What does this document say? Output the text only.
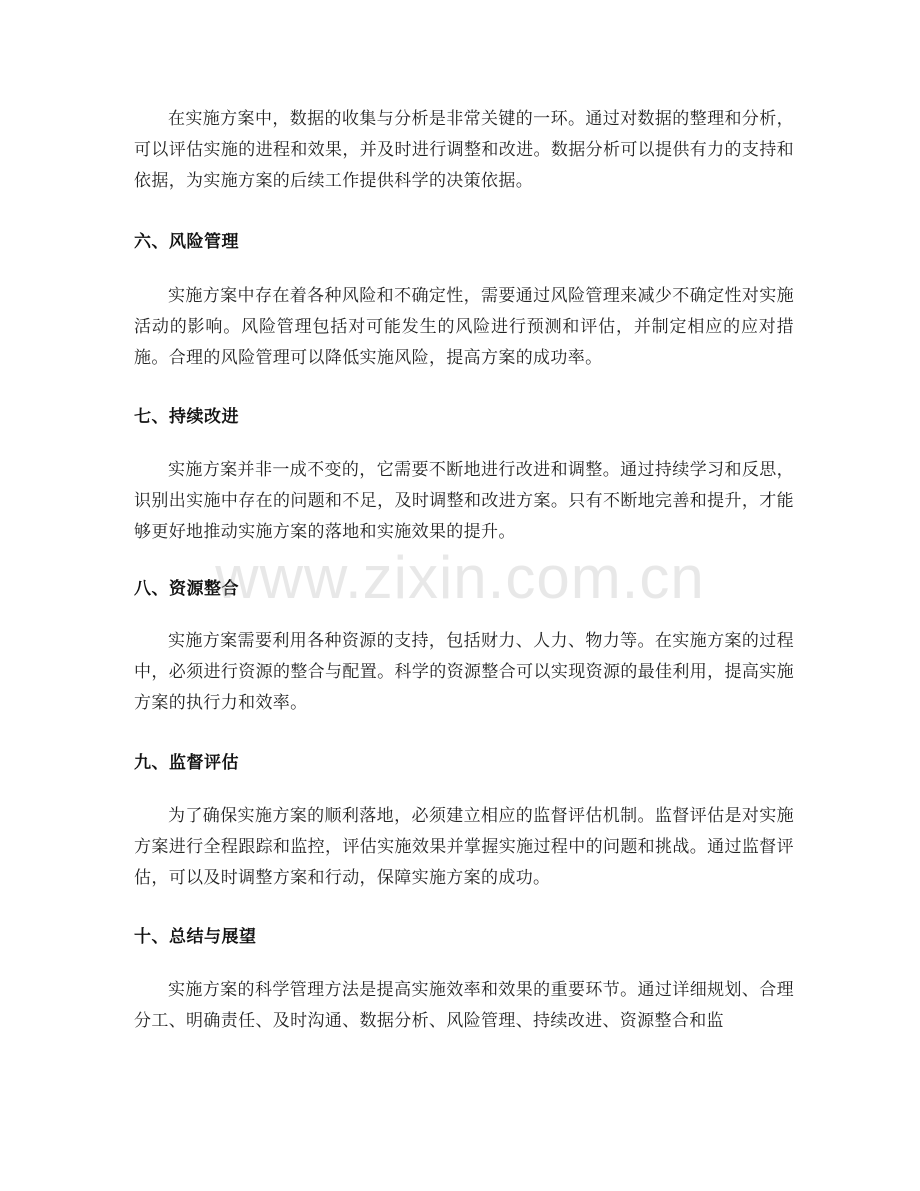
在实施方案中，数据的收集与分析是非常关键的一环。通过对数据的整理和分析，可以评估实施的进程和效果，并及时进行调整和改进。数据分析可以提供有力的支持和依据，为实施方案的后续工作提供科学的决策依据。

六、风险管理

实施方案中存在着各种风险和不确定性，需要通过风险管理来减少不确定性对实施活动的影响。风险管理包括对可能发生的风险进行预测和评估，并制定相应的应对措施。合理的风险管理可以降低实施风险，提高方案的成功率。

七、持续改进

实施方案并非一成不变的，它需要不断地进行改进和调整。通过持续学习和反思，识别出实施中存在的问题和不足，及时调整和改进方案。只有不断地完善和提升，才能够更好地推动实施方案的落地和实施效果的提升。

八、资源整合

实施方案需要利用各种资源的支持，包括财力、人力、物力等。在实施方案的过程中，必须进行资源的整合与配置。科学的资源整合可以实现资源的最佳利用，提高实施方案的执行力和效率。

九、监督评估

为了确保实施方案的顺利落地，必须建立相应的监督评估机制。监督评估是对实施方案进行全程跟踪和监控，评估实施效果并掌握实施过程中的问题和挑战。通过监督评估，可以及时调整方案和行动，保障实施方案的成功。

十、总结与展望

实施方案的科学管理方法是提高实施效率和效果的重要环节。通过详细规划、合理分工、明确责任、及时沟通、数据分析、风险管理、持续改进、资源整合和监

www.zixin.com.cn
